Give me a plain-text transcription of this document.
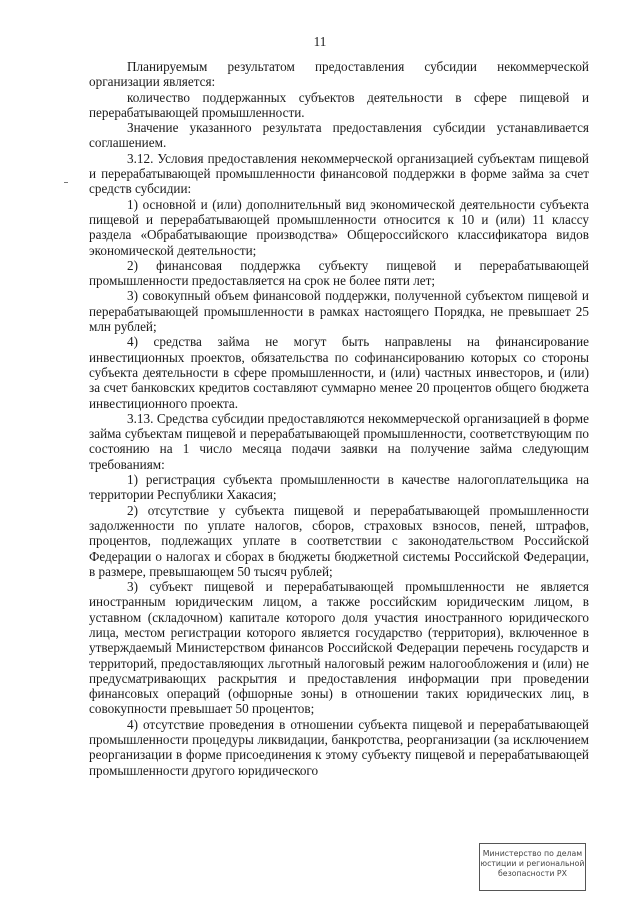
11

Планируемым результатом предоставления субсидии некоммерческой организации является:

количество поддержанных субъектов деятельности в сфере пищевой и перерабатывающей промышленности.

Значение указанного результата предоставления субсидии устанавливается соглашением.

3.12. Условия предоставления некоммерческой организацией субъектам пищевой и перерабатывающей промышленности финансовой поддержки в форме займа за счет средств субсидии:

1) основной и (или) дополнительный вид экономической деятельности субъекта пищевой и перерабатывающей промышленности относится к 10 и (или) 11 классу раздела «Обрабатывающие производства» Общероссийского классификатора видов экономической деятельности;

2) финансовая поддержка субъекту пищевой и перерабатывающей промышленности предоставляется на срок не более пяти лет;

3) совокупный объем финансовой поддержки, полученной субъектом пищевой и перерабатывающей промышленности в рамках настоящего Порядка, не превышает 25 млн рублей;

4) средства займа не могут быть направлены на финансирование инвестиционных проектов, обязательства по софинансированию которых со стороны субъекта деятельности в сфере промышленности, и (или) частных инвесторов, и (или) за счет банковских кредитов составляют суммарно менее 20 процентов общего бюджета инвестиционного проекта.

3.13. Средства субсидии предоставляются некоммерческой организацией в форме займа субъектам пищевой и перерабатывающей промышленности, соответствующим по состоянию на 1 число месяца подачи заявки на получение займа следующим требованиям:

1) регистрация субъекта промышленности в качестве налогоплательщика на территории Республики Хакасия;

2) отсутствие у субъекта пищевой и перерабатывающей промышленности задолженности по уплате налогов, сборов, страховых взносов, пеней, штрафов, процентов, подлежащих уплате в соответствии с законодательством Российской Федерации о налогах и сборах в бюджеты бюджетной системы Российской Федерации, в размере, превышающем 50 тысяч рублей;

3) субъект пищевой и перерабатывающей промышленности не является иностранным юридическим лицом, а также российским юридическим лицом, в уставном (складочном) капитале которого доля участия иностранного юридического лица, местом регистрации которого является государство (территория), включенное в утверждаемый Министерством финансов Российской Федерации перечень государств и территорий, предоставляющих льготный налоговый режим налогообложения и (или) не предусматривающих раскрытия и предоставления информации при проведении финансовых операций (офшорные зоны) в отношении таких юридических лиц, в совокупности превышает 50 процентов;

4) отсутствие проведения в отношении субъекта пищевой и перерабатывающей промышленности процедуры ликвидации, банкротства, реорганизации (за исключением реорганизации в форме присоединения к этому субъекту пищевой и перерабатывающей промышленности другого юридического

Министерство по делам
юстиции и региональной
безопасности РХ
